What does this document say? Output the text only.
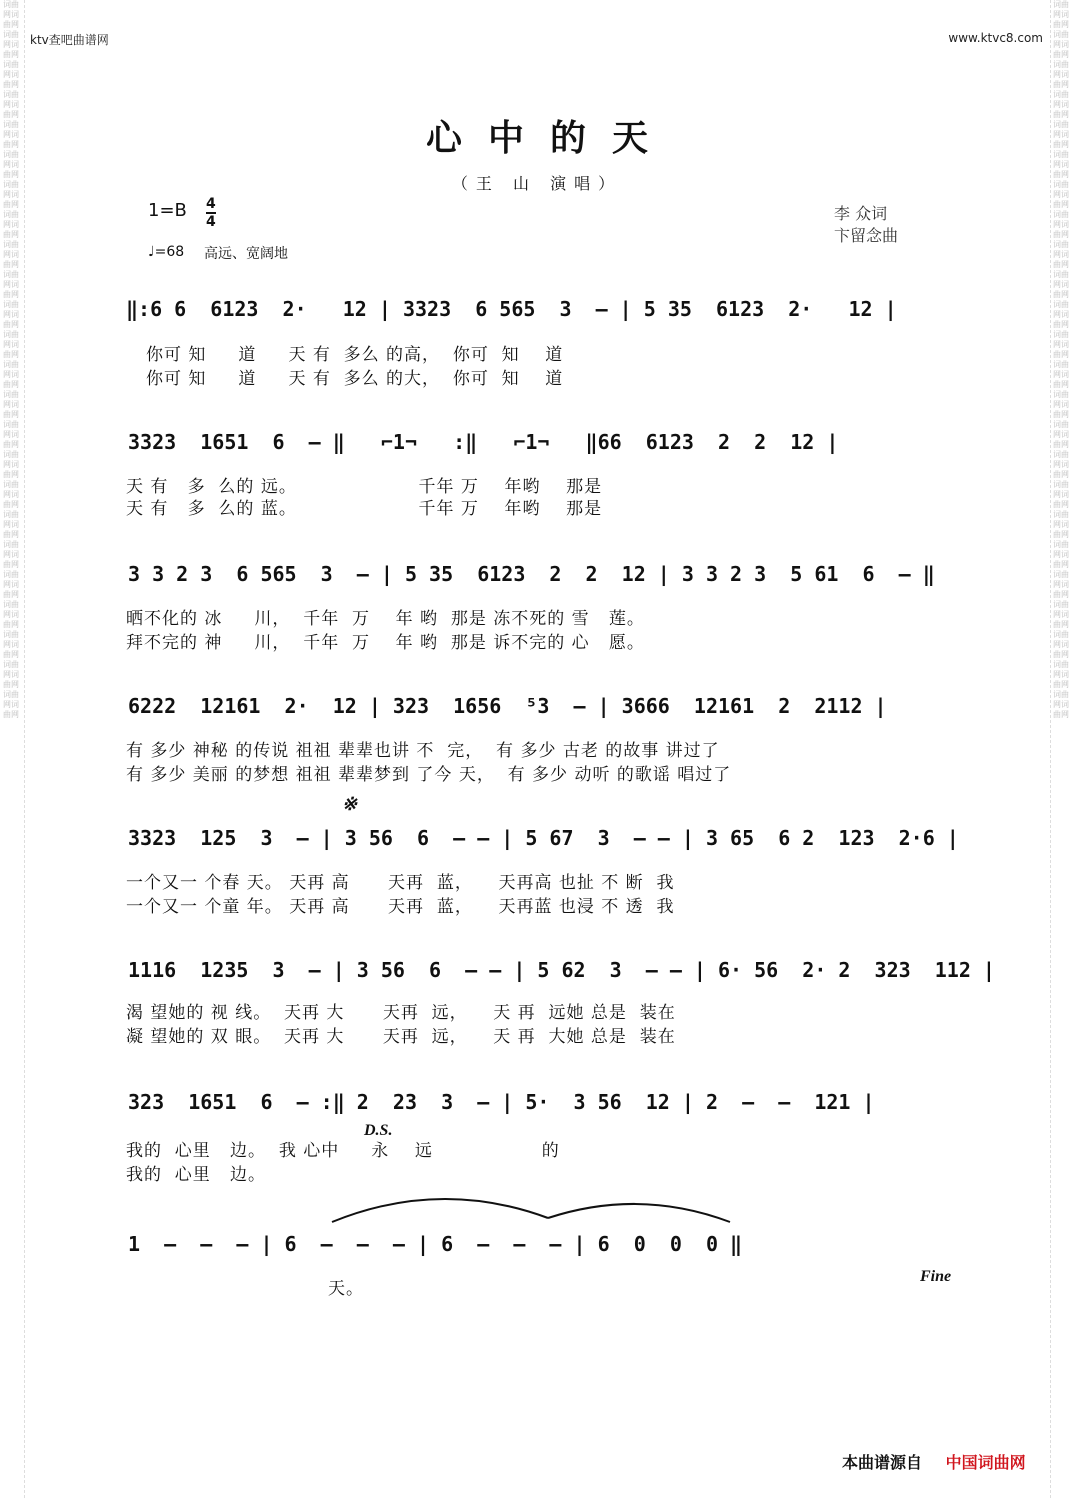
词曲网词曲网词曲网词曲网词曲网词曲网词曲网词曲网词曲网词曲网词曲网词曲网词曲网词曲网词曲网词曲网词曲网词曲网词曲网词曲网词曲网词曲网词曲网词曲网词曲网词曲网词曲网词曲网词曲网词曲网词曲网词曲网词曲网词曲网词曲网词曲网词曲网词曲网词曲网词曲网词曲网词曲网词曲网词曲网词曲网词曲网词曲网词曲网
词曲网词曲网词曲网词曲网词曲网词曲网词曲网词曲网词曲网词曲网词曲网词曲网词曲网词曲网词曲网词曲网词曲网词曲网词曲网词曲网词曲网词曲网词曲网词曲网词曲网词曲网词曲网词曲网词曲网词曲网词曲网词曲网词曲网词曲网词曲网词曲网词曲网词曲网词曲网词曲网词曲网词曲网词曲网词曲网词曲网词曲网词曲网词曲网
ktv查吧曲谱网	www.ktvc8.com
心中的天
（王 山 演唱）
$1=B \frac{4}{4}$	李 众词
卞留念曲
♩=68 高远、宽阔地
‖:6 6  6123  2·   12 | 3323  6 565  3  – | 5 35  6123  2·   12 |
你可 知     道     天 有  多么 的高，  你可  知    道
你可 知     道     天 有  多么 的大，  你可  知    道
3323  1651  6  – ‖   ⌐1¬   :‖   ⌐1¬   ‖66  6123  2  2  12 |
天 有   多  么的 远。                   千年 万    年哟    那是
天 有   多  么的 蓝。                   千年 万    年哟    那是
3 3 2 3  6 565  3  – | 5 35  6123  2  2  12 | 3 3 2 3  5 61  6  – ‖
晒不化的 冰     川，  千年  万    年 哟  那是 冻不死的 雪   莲。
拜不完的 神     川，  千年  万    年 哟  那是 诉不完的 心   愿。
6222  12161  2·  12 | 323  1656  ⁵3  – | 3666  12161  2  2112 |
有 多少 神秘 的传说 祖祖 辈辈也讲 不  完，  有 多少 古老 的故事 讲过了
有 多少 美丽 的梦想 祖祖 辈辈梦到 了今 天，  有 多少 动听 的歌谣 唱过了
※
3323  125  3  – | 3 56  6  – – | 5 67  3  – – | 3 65  6 2  123  2·6 |
一个又一 个春 天。 天再 高      天再  蓝，    天再高 也扯 不 断  我
一个又一 个童 年。 天再 高      天再  蓝，    天再蓝 也浸 不 透  我
1116  1235  3  – | 3 56  6  – – | 5 62  3  – – | 6· 56  2· 2  323  112 |
渴 望她的 视 线。  天再 大      天再  远，    天 再  远她 总是  装在
凝 望她的 双 眼。  天再 大      天再  远，    天 再  大她 总是  装在
323  1651  6  – :‖ 2  23  3  – | 5·  3 56  12 | 2  –  –  121 |
D.S.
我的  心里   边。  我 心中     永    远                 的
我的  心里   边。
1  –  –  – | 6  –  –  – | 6  –  –  – | 6  0  0  0 ‖
Fine
天。
本曲谱源自 中国词曲网
